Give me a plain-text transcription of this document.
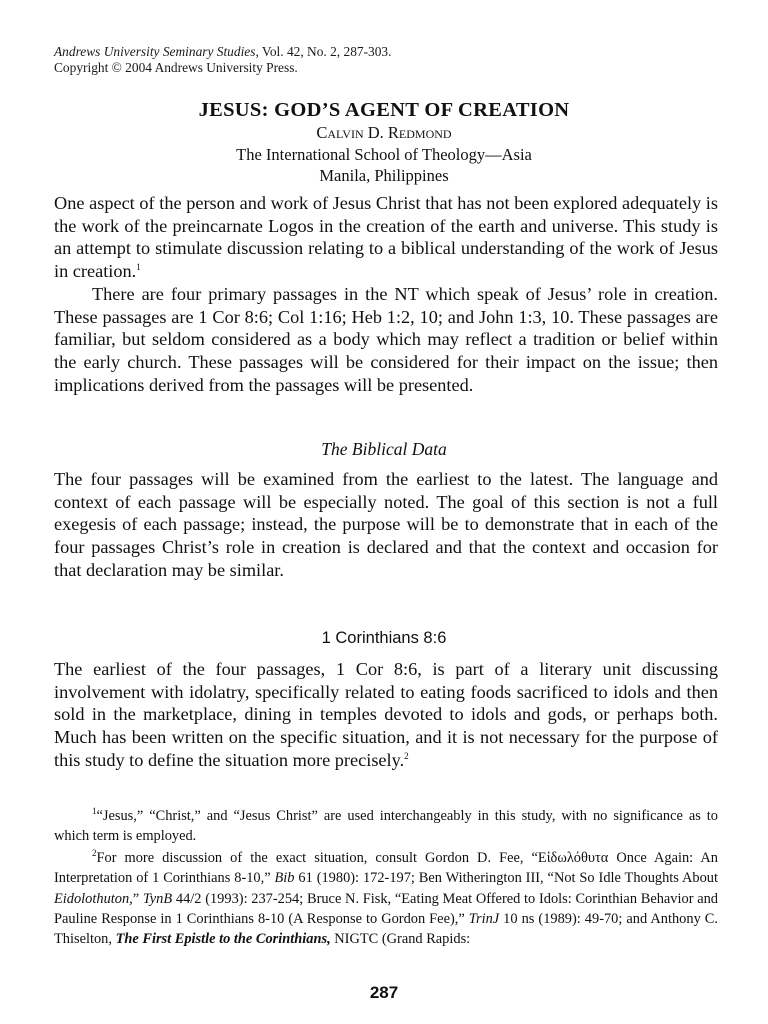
Andrews University Seminary Studies, Vol. 42, No. 2, 287-303.
Copyright © 2004 Andrews University Press.
JESUS: GOD’S AGENT OF CREATION
Calvin D. Redmond
The International School of Theology—Asia
Manila, Philippines
One aspect of the person and work of Jesus Christ that has not been explored adequately is the work of the preincarnate Logos in the creation of the earth and universe. This study is an attempt to stimulate discussion relating to a biblical understanding of the work of Jesus in creation.$^1$
There are four primary passages in the NT which speak of Jesus’ role in creation. These passages are 1 Cor 8:6; Col 1:16; Heb 1:2, 10; and John 1:3, 10. These passages are familiar, but seldom considered as a body which may reflect a tradition or belief within the early church. These passages will be considered for their impact on the issue; then implications derived from the passages will be presented.
The Biblical Data
The four passages will be examined from the earliest to the latest. The language and context of each passage will be especially noted. The goal of this section is not a full exegesis of each passage; instead, the purpose will be to demonstrate that in each of the four passages Christ’s role in creation is declared and that the context and occasion for that declaration may be similar.
1 Corinthians 8:6
The earliest of the four passages, 1 Cor 8:6, is part of a literary unit discussing involvement with idolatry, specifically related to eating foods sacrificed to idols and then sold in the marketplace, dining in temples devoted to idols and gods, or perhaps both. Much has been written on the specific situation, and it is not necessary for the purpose of this study to define the situation more precisely.$^2$
$^1$“Jesus,” “Christ,” and “Jesus Christ” are used interchangeably in this study, with no significance as to which term is employed.
$^2$For more discussion of the exact situation, consult Gordon D. Fee, “Εἰδωλόθυτα Once Again: An Interpretation of 1 Corinthians 8-10,” Bib 61 (1980): 172-197; Ben Witherington III, “Not So Idle Thoughts About Eidolothuton,” TynB 44/2 (1993): 237-254; Bruce N. Fisk, “Eating Meat Offered to Idols: Corinthian Behavior and Pauline Response in 1 Corinthians 8-10 (A Response to Gordon Fee),” TrinJ 10 ns (1989): 49-70; and Anthony C. Thiselton, The First Epistle to the Corinthians, NIGTC (Grand Rapids:
287
